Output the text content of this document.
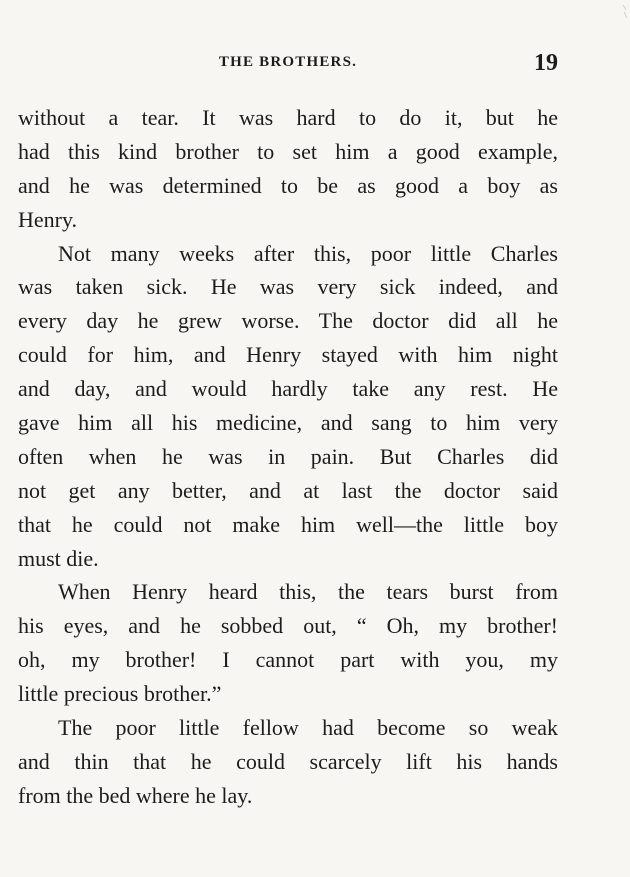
THE BROTHERS.	19
without a tear. It was hard to do it, but he
had this kind brother to set him a good example,
and he was determined to be as good a boy as
Henry.
Not many weeks after this, poor little Charles
was taken sick. He was very sick indeed, and
every day he grew worse. The doctor did all he
could for him, and Henry stayed with him night
and day, and would hardly take any rest. He
gave him all his medicine, and sang to him very
often when he was in pain. But Charles did
not get any better, and at last the doctor said
that he could not make him well—the little boy
must die.
When Henry heard this, the tears burst from
his eyes, and he sobbed out, “ Oh, my brother!
oh, my brother! I cannot part with you, my
little precious brother.”
The poor little fellow had become so weak
and thin that he could scarcely lift his hands
from the bed where he lay.
